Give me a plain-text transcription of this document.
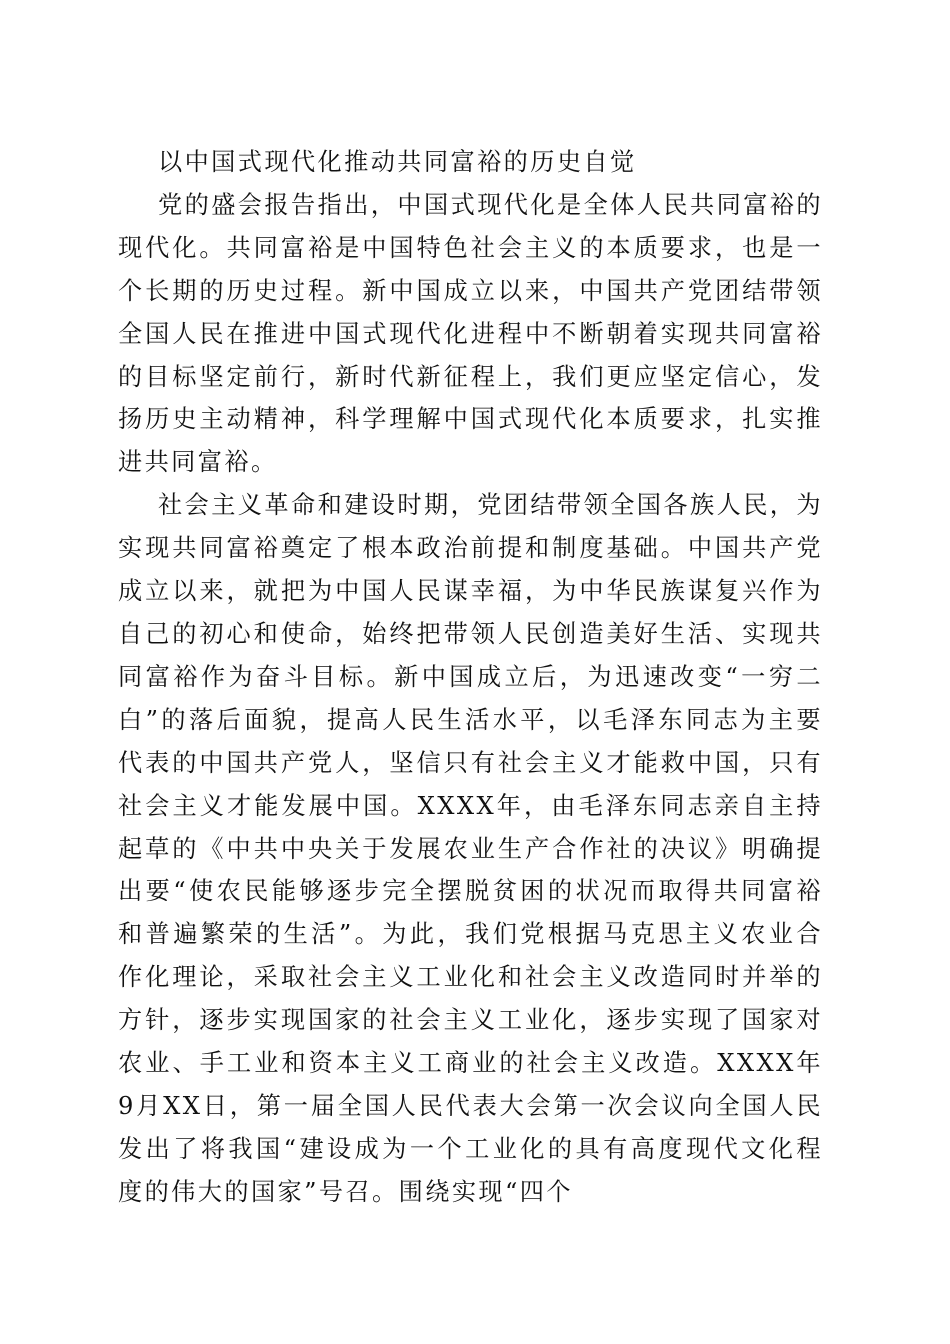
以中国式现代化推动共同富裕的历史自觉

党的盛会报告指出，中国式现代化是全体人民共同富裕的现代化。共同富裕是中国特色社会主义的本质要求，也是一个长期的历史过程。新中国成立以来，中国共产党团结带领全国人民在推进中国式现代化进程中不断朝着实现共同富裕的目标坚定前行，新时代新征程上，我们更应坚定信心，发扬历史主动精神，科学理解中国式现代化本质要求，扎实推进共同富裕。

社会主义革命和建设时期，党团结带领全国各族人民，为实现共同富裕奠定了根本政治前提和制度基础。中国共产党成立以来，就把为中国人民谋幸福，为中华民族谋复兴作为自己的初心和使命，始终把带领人民创造美好生活、实现共同富裕作为奋斗目标。新中国成立后，为迅速改变“一穷二白”的落后面貌，提高人民生活水平，以毛泽东同志为主要代表的中国共产党人，坚信只有社会主义才能救中国，只有社会主义才能发展中国。XXXX年，由毛泽东同志亲自主持起草的《中共中央关于发展农业生产合作社的决议》明确提出要“使农民能够逐步完全摆脱贫困的状况而取得共同富裕和普遍繁荣的生活”。为此，我们党根据马克思主义农业合作化理论，采取社会主义工业化和社会主义改造同时并举的方针，逐步实现国家的社会主义工业化，逐步实现了国家对农业、手工业和资本主义工商业的社会主义改造。XXXX年9月XX日，第一届全国人民代表大会第一次会议向全国人民发出了将我国“建设成为一个工业化的具有高度现代文化程度的伟大的国家”号召。围绕实现“四个
